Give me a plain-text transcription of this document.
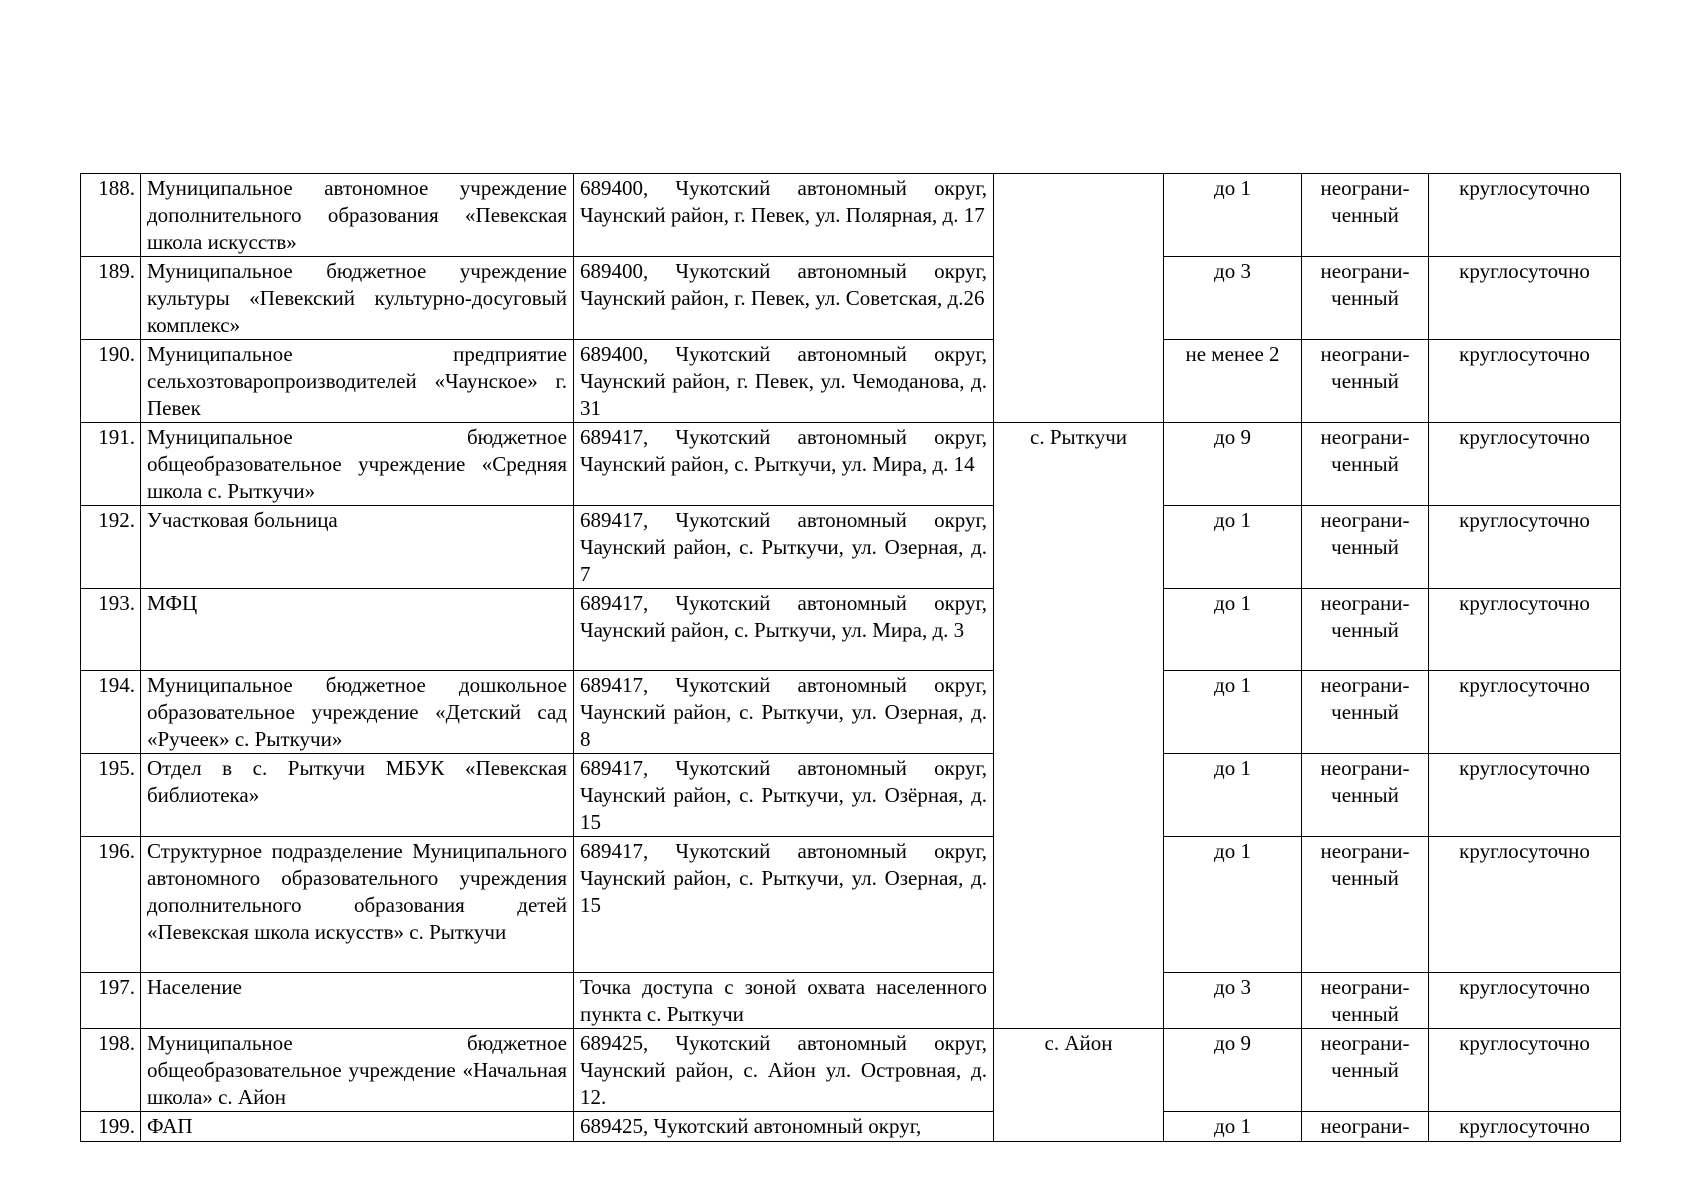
188.	Муниципальное автономное учреждение дополнительного образования «Певекская школа искусств»	689400, Чукотский автономный округ, Чаунский район, г. Певек, ул. Полярная, д. 17		до 1	неограни-ченный	круглосуточно
189.	Муниципальное бюджетное учреждение культуры «Певекский культурно-досуговый комплекс»	689400, Чукотский автономный округ, Чаунский район, г. Певек, ул. Советская, д.26		до 3	неограни-ченный	круглосуточно
190.	Муниципальное предприятие сельхозтоваропроизводителей «Чаунское» г. Певек	689400, Чукотский автономный округ, Чаунский район, г. Певек, ул. Чемоданова, д. 31		не менее 2	неограни-ченный	круглосуточно
191.	Муниципальное бюджетное общеобразовательное учреждение «Средняя школа с. Рыткучи»	689417, Чукотский автономный округ, Чаунский район, с. Рыткучи, ул. Мира, д. 14	с. Рыткучи	до 9	неограни-ченный	круглосуточно
192.	Участковая больница	689417, Чукотский автономный округ, Чаунский район, с. Рыткучи, ул. Озерная, д. 7		до 1	неограни-ченный	круглосуточно
193.	МФЦ	689417, Чукотский автономный округ, Чаунский район, с. Рыткучи, ул. Мира, д. 3		до 1	неограни-ченный	круглосуточно
194.	Муниципальное бюджетное дошкольное образовательное учреждение «Детский сад «Ручеек» с. Рыткучи»	689417, Чукотский автономный округ, Чаунский район, с. Рыткучи, ул. Озерная, д. 8		до 1	неограни-ченный	круглосуточно
195.	Отдел в с. Рыткучи МБУК «Певекская библиотека»	689417, Чукотский автономный округ, Чаунский район, с. Рыткучи, ул. Озёрная, д. 15		до 1	неограни-ченный	круглосуточно
196.	Структурное подразделение Муниципального автономного образовательного учреждения дополнительного образования детей «Певекская школа искусств» с. Рыткучи	689417, Чукотский автономный округ, Чаунский район, с. Рыткучи, ул. Озерная, д. 15		до 1	неограни-ченный	круглосуточно
197.	Население	Точка доступа с зоной охвата населенного пункта с. Рыткучи		до 3	неограни-ченный	круглосуточно
198.	Муниципальное бюджетное общеобразовательное учреждение «Начальная школа» с. Айон	689425, Чукотский автономный округ, Чаунский район, с. Айон ул. Островная, д. 12.	с. Айон	до 9	неограни-ченный	круглосуточно
199.	ФАП	689425, Чукотский автономный округ,		до 1	неограни-	круглосуточно
